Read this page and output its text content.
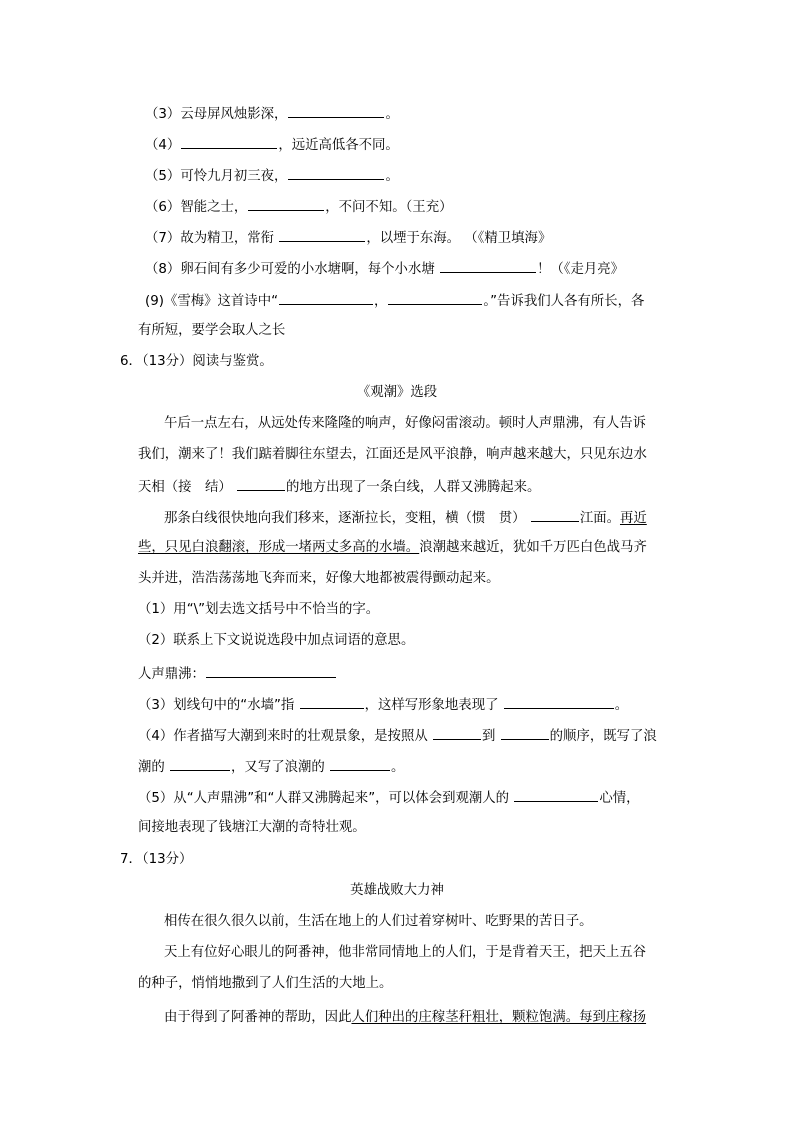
（3）云母屏风烛影深，	。
（4）	，远近高低各不同。
（5）可怜九月初三夜，	。
（6）智能之士，	，不问不知。（王充）
（7）故为精卫，常衔	，以堙于东海。 （《精卫填海》
（8）卵石间有多少可爱的小水塘啊，每个小水塘	！（《走月亮》
(9)《雪梅》这首诗中“	，	。”告诉我们人各有所长，各
有所短，要学会取人之长
6．（13分）阅读与鉴赏。
《观潮》选段
午后一点左右，从远处传来隆隆的响声，好像闷雷滚动。顿时人声鼎沸，有人告诉
我们，潮来了！我们踮着脚往东望去，江面还是风平浪静，响声越来越大，只见东边水
天相（接　结）	的地方出现了一条白线，人群又沸腾起来。
那条白线很快地向我们移来，逐渐拉长，变粗，横（惯　贯）	江面。再近
些，只见白浪翻滚，形成一堵两丈多高的水墙。浪潮越来越近，犹如千万匹白色战马齐
头并进，浩浩荡荡地飞奔而来，好像大地都被震得颤动起来。
（1）用“\”划去选文括号中不恰当的字。
（2）联系上下文说说选段中加点词语的意思。
人声鼎沸：
（3）划线句中的“水墙”指	，这样写形象地表现了	。
（4）作者描写大潮到来时的壮观景象，是按照从	到	的顺序，既写了浪
潮的	，又写了浪潮的	。
（5）从“人声鼎沸”和“人群又沸腾起来”，可以体会到观潮人的	心情，
间接地表现了钱塘江大潮的奇特壮观。
7．（13分）
英雄战败大力神
相传在很久很久以前，生活在地上的人们过着穿树叶、吃野果的苦日子。
天上有位好心眼儿的阿番神，他非常同情地上的人们，于是背着天王，把天上五谷
的种子，悄悄地撒到了人们生活的大地上。
由于得到了阿番神的帮助，因此人们种出的庄稼茎秆粗壮，颗粒饱满。每到庄稼扬
